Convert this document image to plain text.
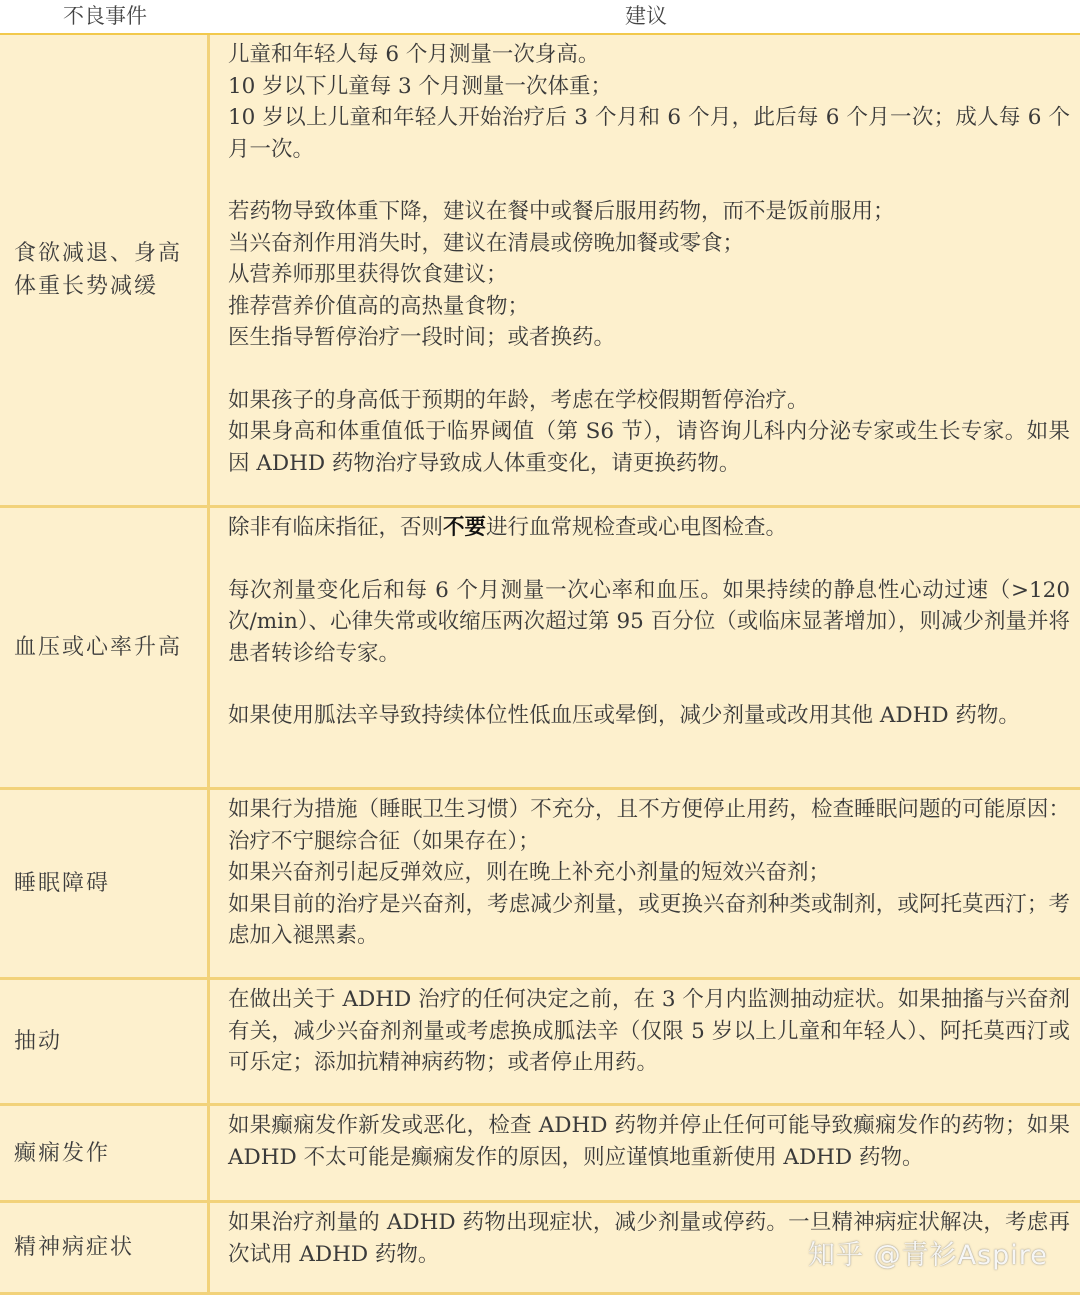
不良事件	建议
食欲减退、身高体重长势减缓

儿童和年轻人每 6 个月测量一次身高。

10 岁以下儿童每 3 个月测量一次体重；

10 岁以上儿童和年轻人开始治疗后 3 个月和 6 个月，此后每 6 个月一次；成人每 6 个月一次。

若药物导致体重下降，建议在餐中或餐后服用药物，而不是饭前服用；

当兴奋剂作用消失时，建议在清晨或傍晚加餐或零食；

从营养师那里获得饮食建议；

推荐营养价值高的高热量食物；

医生指导暂停治疗一段时间；或者换药。

如果孩子的身高低于预期的年龄，考虑在学校假期暂停治疗。

如果身高和体重值低于临界阈值（第 S6 节），请咨询儿科内分泌专家或生长专家。如果因 ADHD 药物治疗导致成人体重变化，请更换药物。

血压或心率升高

除非有临床指征，否则不要进行血常规检查或心电图检查。

每次剂量变化后和每 6 个月测量一次心率和血压。如果持续的静息性心动过速（>120 次/min）、心律失常或收缩压两次超过第 95 百分位（或临床显著增加），则减少剂量并将患者转诊给专家。

如果使用胍法辛导致持续体位性低血压或晕倒，减少剂量或改用其他 ADHD 药物。

睡眠障碍

如果行为措施（睡眠卫生习惯）不充分，且不方便停止用药，检查睡眠问题的可能原因：治疗不宁腿综合征（如果存在）；

如果兴奋剂引起反弹效应，则在晚上补充小剂量的短效兴奋剂；

如果目前的治疗是兴奋剂，考虑减少剂量，或更换兴奋剂种类或制剂，或阿托莫西汀；考虑加入褪黑素。

抽动

在做出关于 ADHD 治疗的任何决定之前，在 3 个月内监测抽动症状。如果抽搐与兴奋剂有关，减少兴奋剂剂量或考虑换成胍法辛（仅限 5 岁以上儿童和年轻人）、阿托莫西汀或可乐定；添加抗精神病药物；或者停止用药。

癫痫发作

如果癫痫发作新发或恶化，检查 ADHD 药物并停止任何可能导致癫痫发作的药物；如果 ADHD 不太可能是癫痫发作的原因，则应谨慎地重新使用 ADHD 药物。

精神病症状

如果治疗剂量的 ADHD 药物出现症状，减少剂量或停药。一旦精神病症状解决，考虑再次试用 ADHD 药物。	知乎 @青衫Aspire
